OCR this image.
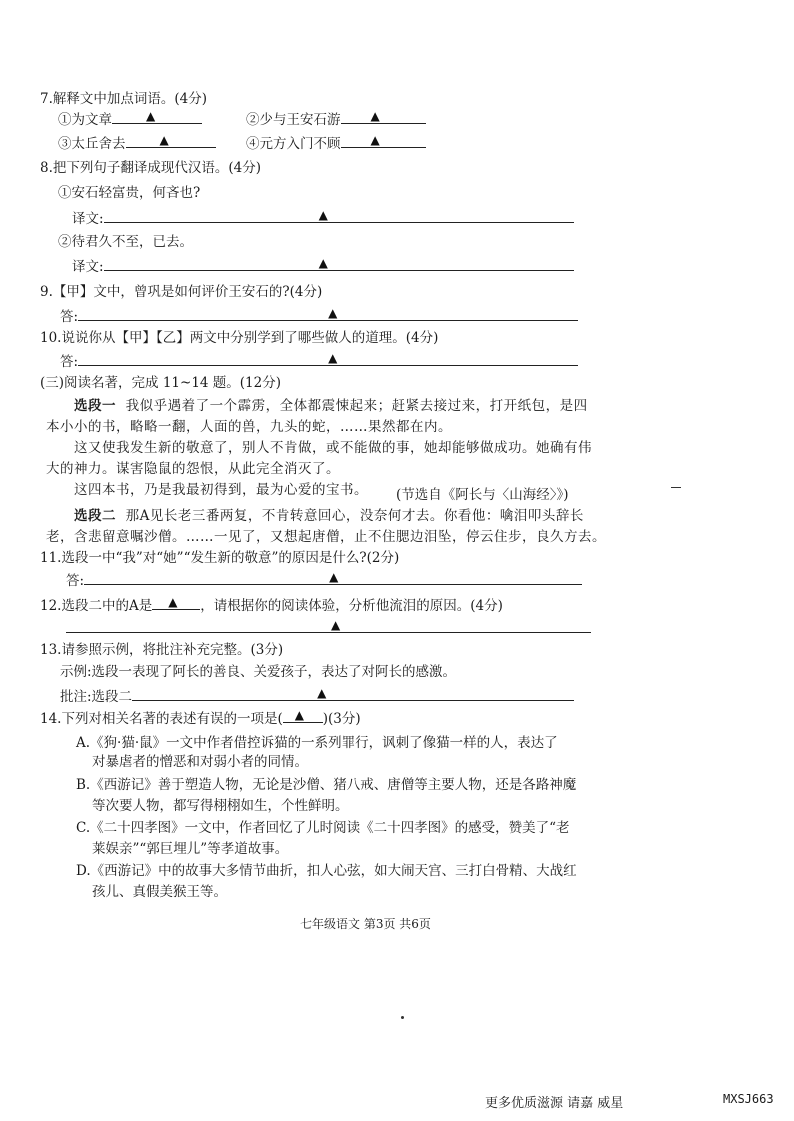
7.解释文中加点词语。(4分)
①为文章	▲	②少与王安石游	▲
③太丘舍去	▲	④元方入门不顾	▲
8.把下列句子翻译成现代汉语。(4分)
①安石轻富贵，何吝也?
译文:	▲
②待君久不至，已去。
译文:	▲
9.【甲】文中，曾巩是如何评价王安石的?(4分)
答:	▲
10.说说你从【甲】【乙】两文中分别学到了哪些做人的道理。(4分)
答:	▲
(三)阅读名著，完成 11~14 题。(12分)
选段一 我似乎遇着了一个霹雳，全体都震悚起来；赶紧去接过来，打开纸包，是四
本小小的书，略略一翻，人面的兽，九头的蛇，……果然都在内。
这又使我发生新的敬意了，别人不肯做，或不能做的事，她却能够做成功。她确有伟
大的神力。谋害隐鼠的怨恨，从此完全消灭了。
这四本书，乃是我最初得到，最为心爱的宝书。 (节选自《阿长与〈山海经〉》)
选段二 那A见长老三番两复，不肯转意回心，没奈何才去。你看他：噙泪叩头辞长
老，含悲留意嘱沙僧。……一见了，又想起唐僧，止不住腮边泪坠，停云住步，良久方去。
11.选段一中“我”对“她”“发生新的敬意”的原因是什么?(2分)
答:	▲
12.选段二中的A是 ▲ ，请根据你的阅读体验，分析他流泪的原因。(4分)
▲
13.请参照示例，将批注补充完整。(3分)
示例:选段一表现了阿长的善良、关爱孩子，表达了对阿长的感激。
批注:选段二	▲
14.下列对相关名著的表述有误的一项是( ▲ )(3分)
A.《狗·猫·鼠》一文中作者借控诉猫的一系列罪行，讽刺了像猫一样的人，表达了
对暴虐者的憎恶和对弱小者的同情。
B.《西游记》善于塑造人物，无论是沙僧、猪八戒、唐僧等主要人物，还是各路神魔
等次要人物，都写得栩栩如生，个性鲜明。
C.《二十四孝图》一文中，作者回忆了儿时阅读《二十四孝图》的感受，赞美了“老
莱娱亲”“郭巨埋儿”等孝道故事。
D.《西游记》中的故事大多情节曲折，扣人心弦，如大闹天宫、三打白骨精、大战红
孩儿、真假美猴王等。
七年级语文 第3页 共6页
更多优质滋源 请嘉 威星	MXSJ663
